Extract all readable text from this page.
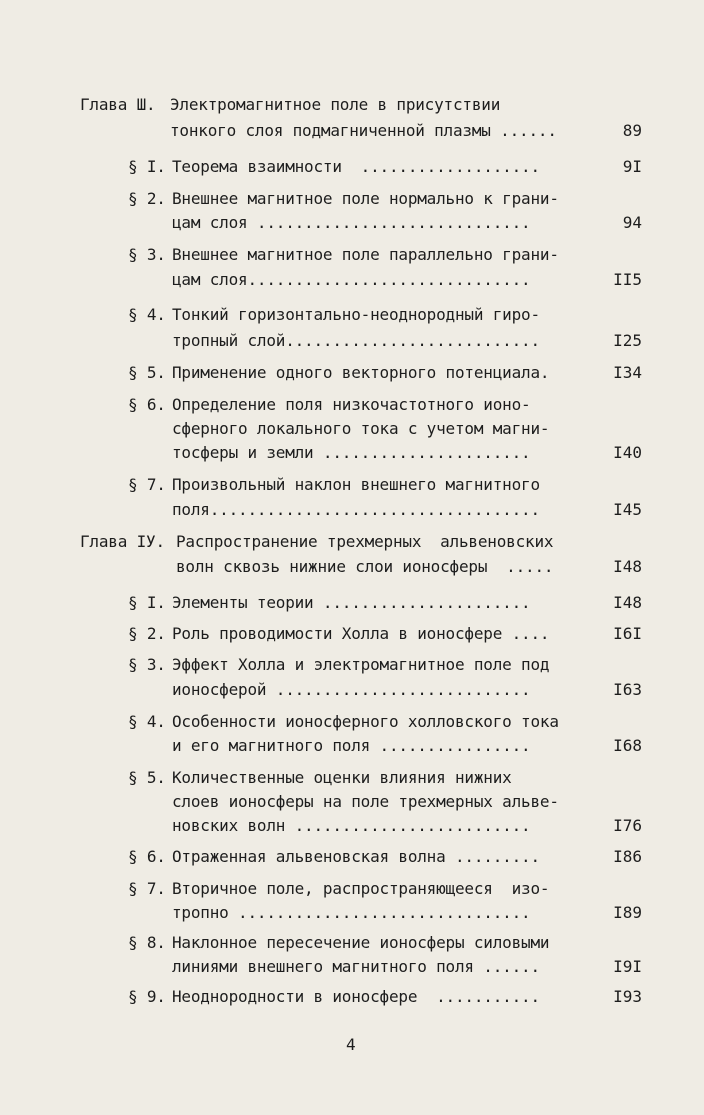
Глава Ш. Электромагнитное поле в присутствии
тонкого слоя подмагниченной плазмы ......	89
§ I. Теорема взаимности  ...................	9I
§ 2. Внешнее магнитное поле нормально к грани-
цам слоя .............................	94
§ 3. Внешнее магнитное поле параллельно грани-
цам слоя..............................	II5
§ 4. Тонкий горизонтально-неоднородный гиро-
тропный слой...........................	I25
§ 5. Применение одного векторного потенциала.	I34
§ 6. Определение поля низкочастотного ионо-
сферного локального тока с учетом магни-
тосферы и земли ......................	I40
§ 7. Произвольный наклон внешнего магнитного
поля...................................	I45
Глава IУ. Распространение трехмерных  альвеновских
волн сквозь нижние слои ионосферы  .....	I48
§ I. Элементы теории ......................	I48
§ 2. Роль проводимости Холла в ионосфере ....	I6I
§ 3. Эффект Холла и электромагнитное поле под
ионосферой ...........................	I63
§ 4. Особенности ионосферного холловского тока
и его магнитного поля ................	I68
§ 5. Количественные оценки влияния нижних
слоев ионосферы на поле трехмерных альве-
новских волн .........................	I76
§ 6. Отраженная альвеновская волна .........	I86
§ 7. Вторичное поле, распространяющееся  изо-
тропно ...............................	I89
§ 8. Наклонное пересечение ионосферы силовыми
линиями внешнего магнитного поля ......	I9I
§ 9. Неоднородности в ионосфере  ...........	I93
4
